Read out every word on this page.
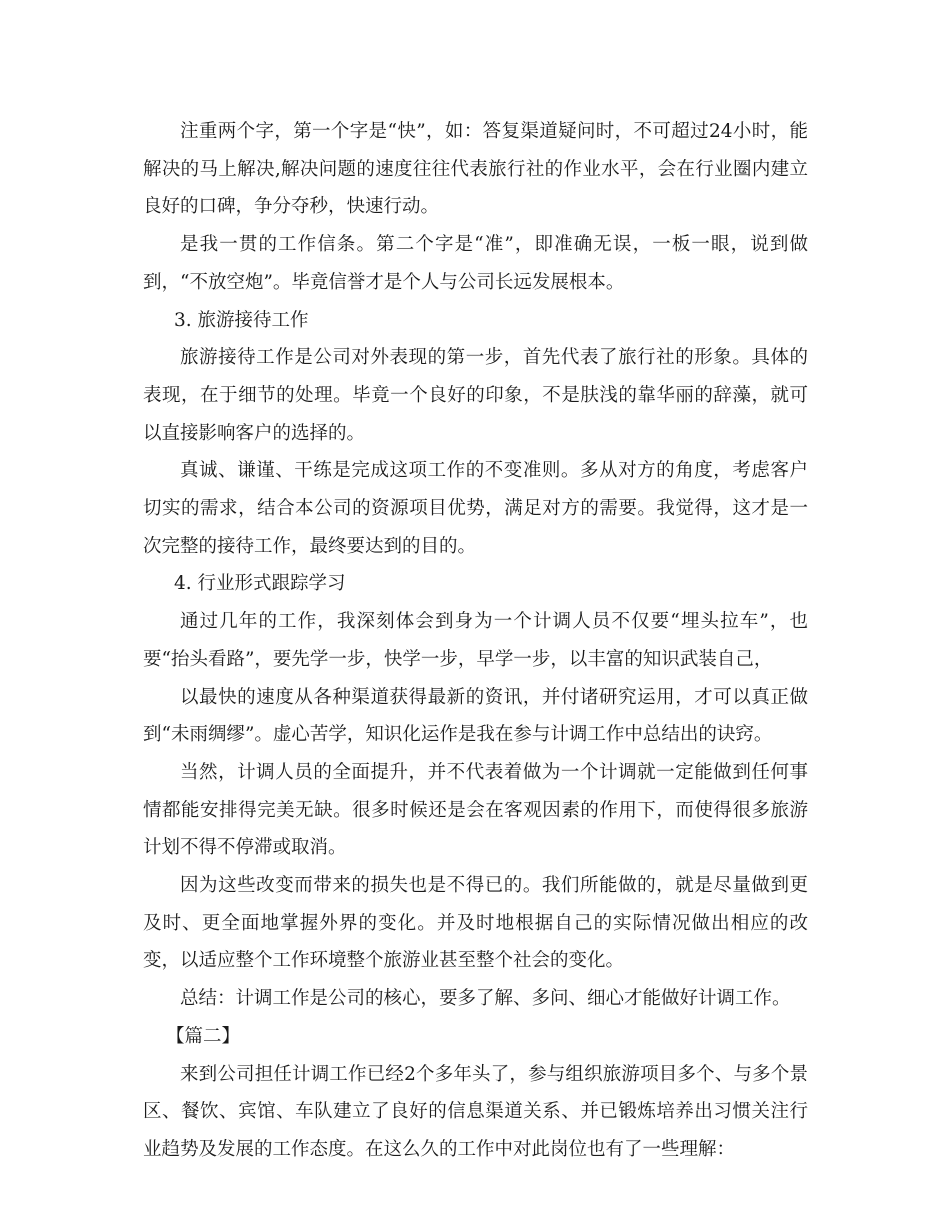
注重两个字，第一个字是“快”，如：答复渠道疑问时，不可超过24小时，能解决的马上解决,解决问题的速度往往代表旅行社的作业水平，会在行业圈内建立良好的口碑，争分夺秒，快速行动。

是我一贯的工作信条。第二个字是“准”，即准确无误，一板一眼，说到做到，“不放空炮”。毕竟信誉才是个人与公司长远发展根本。

3. 旅游接待工作

旅游接待工作是公司对外表现的第一步，首先代表了旅行社的形象。具体的表现，在于细节的处理。毕竟一个良好的印象，不是肤浅的靠华丽的辞藻，就可以直接影响客户的选择的。

真诚、谦谨、干练是完成这项工作的不变准则。多从对方的角度，考虑客户切实的需求，结合本公司的资源项目优势，满足对方的需要。我觉得，这才是一次完整的接待工作，最终要达到的目的。

4. 行业形式跟踪学习

通过几年的工作，我深刻体会到身为一个计调人员不仅要“埋头拉车”，也要“抬头看路”，要先学一步，快学一步，早学一步，以丰富的知识武装自己，

以最快的速度从各种渠道获得最新的资讯，并付诸研究运用，才可以真正做到“未雨绸缪”。虚心苦学，知识化运作是我在参与计调工作中总结出的诀窍。

当然，计调人员的全面提升，并不代表着做为一个计调就一定能做到任何事情都能安排得完美无缺。很多时候还是会在客观因素的作用下，而使得很多旅游计划不得不停滞或取消。

因为这些改变而带来的损失也是不得已的。我们所能做的，就是尽量做到更及时、更全面地掌握外界的变化。并及时地根据自己的实际情况做出相应的改变，以适应整个工作环境整个旅游业甚至整个社会的变化。

总结：计调工作是公司的核心，要多了解、多问、细心才能做好计调工作。

【篇二】

来到公司担任计调工作已经2个多年头了，参与组织旅游项目多个、与多个景区、餐饮、宾馆、车队建立了良好的信息渠道关系、并已锻炼培养出习惯关注行业趋势及发展的工作态度。在这么久的工作中对此岗位也有了一些理解：
